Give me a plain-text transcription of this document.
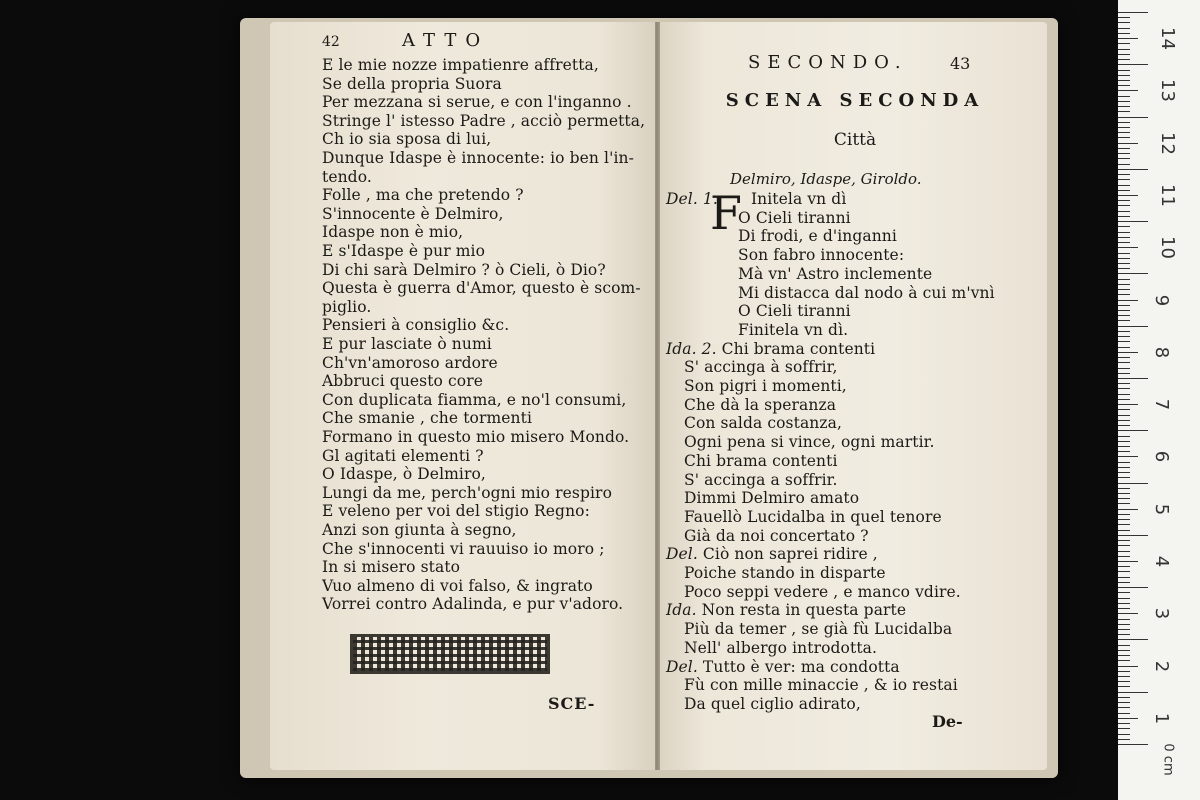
42	ATTO
E le mie nozze impatienre affretta,
Se della propria Suora
Per mezzana si serue, e con l'inganno .
Stringe l' istesso Padre , acciò permetta,
Ch io sia sposa di lui,
Dunque Idaspe è innocente: io ben l'in-
tendo.
Folle , ma che pretendo ?
S'innocente è Delmiro,
Idaspe non è mio,
E s'Idaspe è pur mio
Di chi sarà Delmiro ? ò Cieli, ò Dio?
Questa è guerra d'Amor, questo è scom-
piglio.
Pensieri à consiglio &c.
E pur lasciate ò numi
Ch'vn'amoroso ardore
Abbruci questo core
Con duplicata fiamma, e no'l consumi,
Che smanie , che tormenti
Formano in questo mio misero Mondo.
Gl agitati elementi ?
O Idaspe, ò Delmiro,
Lungi da me, perch'ogni mio respiro
E veleno per voi del stigio Regno:
Anzi son giunta à segno,
Che s'innocenti vi rauuiso io moro ;
In si misero stato
Vuo almeno di voi falso, & ingrato
Vorrei contro Adalinda, e pur v'adoro.
SCE-
SECONDO.	43
SCENA SECONDA
Città
Delmiro, Idaspe, Giroldo.
F
Del. 1. Initela vn dì
O Cieli tiranni
Di frodi, e d'inganni
Son fabro innocente:
Mà vn' Astro inclemente
Mi distacca dal nodo à cui m'vnì
O Cieli tiranni
Finitela vn dì.
Ida. 2. Chi brama contenti
S' accinga à soffrir,
Son pigri i momenti,
Che dà la speranza
Con salda costanza,
Ogni pena si vince, ogni martir.
Chi brama contenti
S' accinga a soffrir.
Dimmi Delmiro amato
Fauellò Lucidalba in quel tenore
Già da noi concertato ?
Del. Ciò non saprei ridire ,
Poiche stando in disparte
Poco seppi vedere , e manco vdire.
Ida. Non resta in questa parte
Più da temer , se già fù Lucidalba
Nell' albergo introdotta.
Del. Tutto è ver: ma condotta
Fù con mille minaccie , & io restai
Da quel ciglio adirato,
De-
0 cm
14
13
12
11
10
9
8
7
6
5
4
3
2
1
